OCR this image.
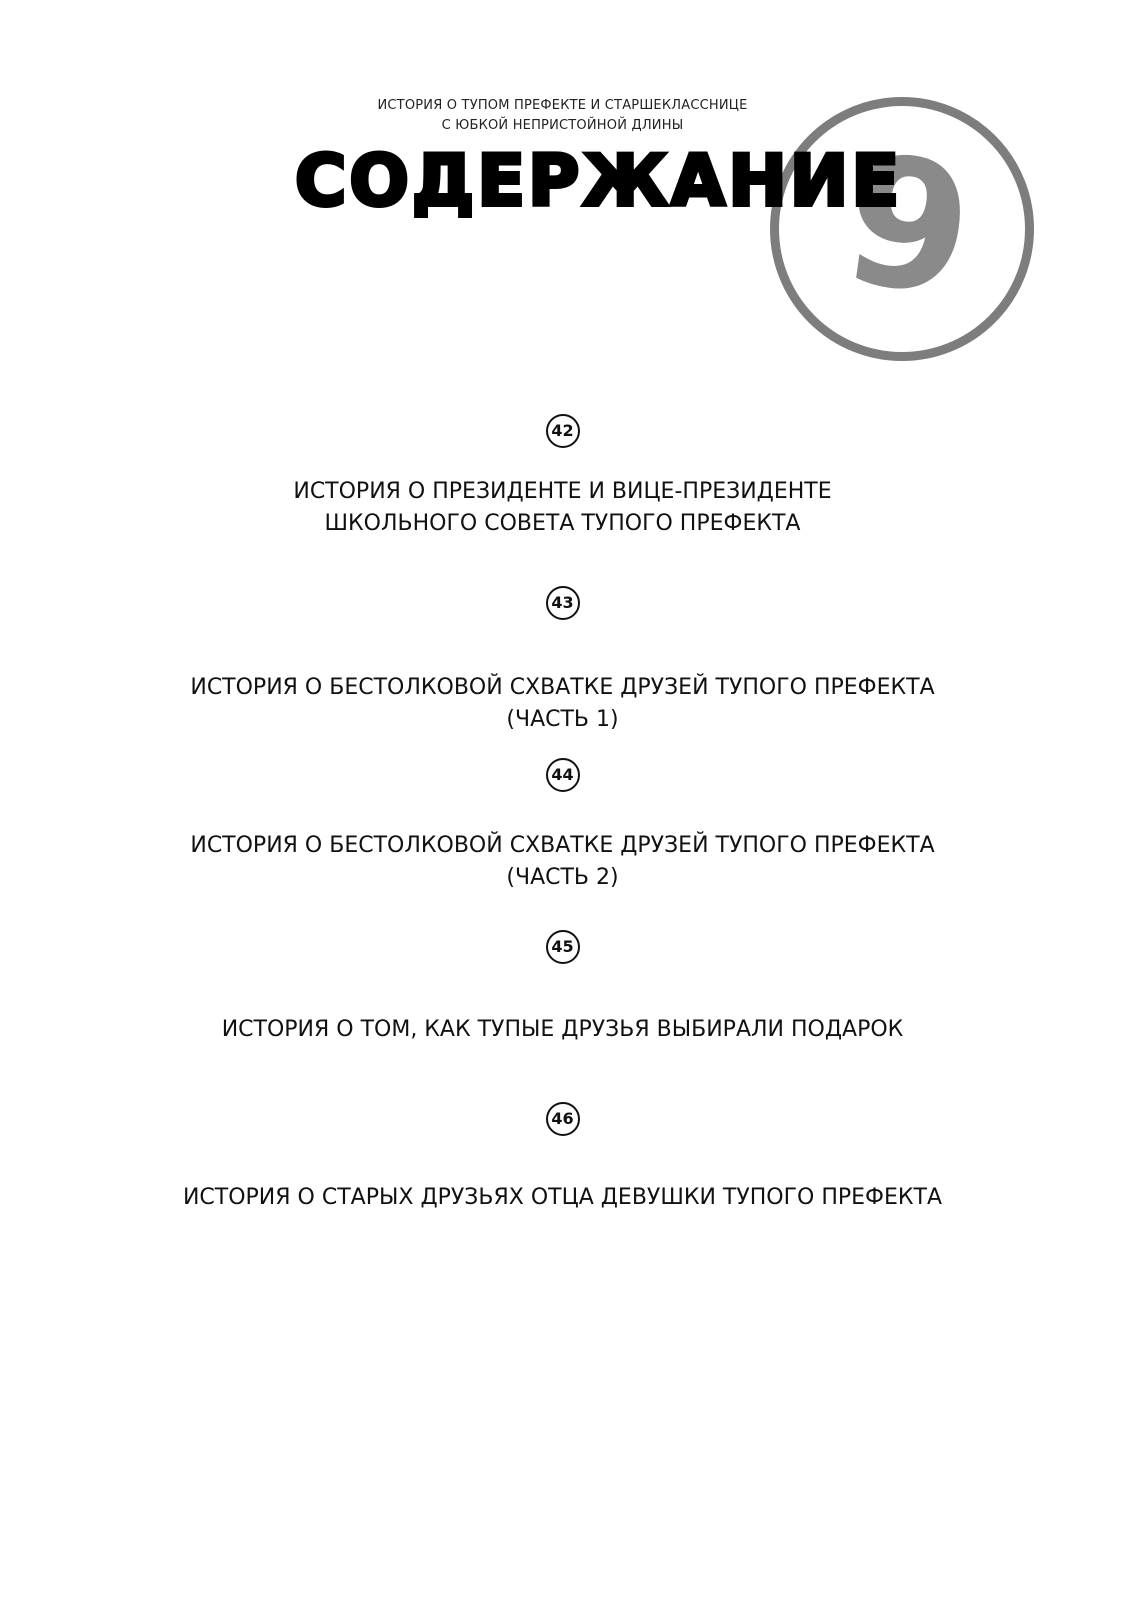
ИСТОРИЯ О ТУПОМ ПРЕФЕКТЕ И СТАРШЕКЛАССНИЦЕ
С ЮБКОЙ НЕПРИСТОЙНОЙ ДЛИНЫ 9
СОДЕРЖАНИЕ
42
ИСТОРИЯ О ПРЕЗИДЕНТЕ И ВИЦЕ-ПРЕЗИДЕНТЕ
ШКОЛЬНОГО СОВЕТА ТУПОГО ПРЕФЕКТА
43
ИСТОРИЯ О БЕСТОЛКОВОЙ СХВАТКЕ ДРУЗЕЙ ТУПОГО ПРЕФЕКТА
(ЧАСТЬ 1)
44
ИСТОРИЯ О БЕСТОЛКОВОЙ СХВАТКЕ ДРУЗЕЙ ТУПОГО ПРЕФЕКТА
(ЧАСТЬ 2)
45
ИСТОРИЯ О ТОМ, КАК ТУПЫЕ ДРУЗЬЯ ВЫБИРАЛИ ПОДАРОК
46
ИСТОРИЯ О СТАРЫХ ДРУЗЬЯХ ОТЦА ДЕВУШКИ ТУПОГО ПРЕФЕКТА
